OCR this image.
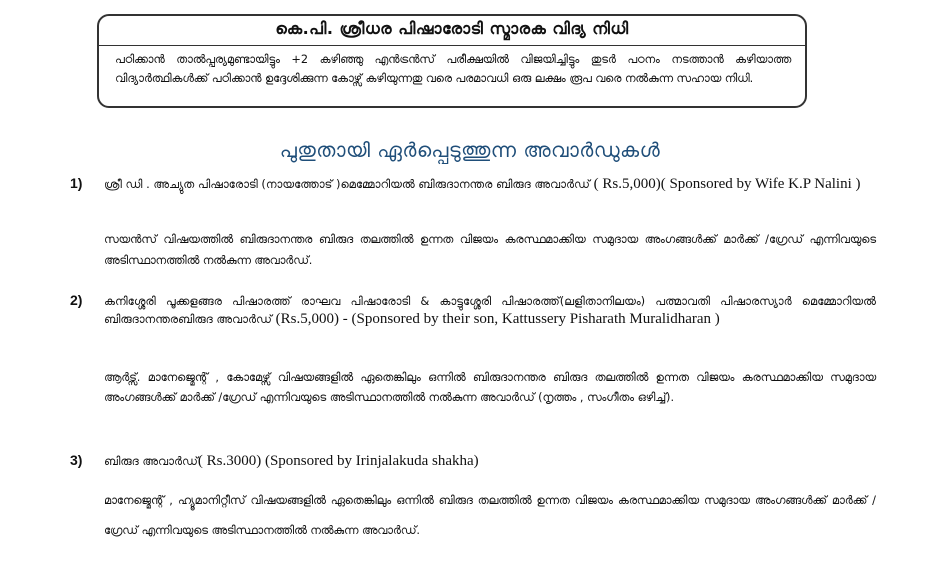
കെ.പി. ശ്രീധര പിഷാരോടി സ്മാരക വിദ്യ നിധി
പഠിക്കാൻ താൽപ്പര്യമുണ്ടായിട്ടും +2 കഴിഞ്ഞു എൻട്രൻസ് പരീക്ഷയിൽ വിജയിച്ചിട്ടും തുടർ പഠനം നടത്താൻ കഴിയാത്ത വിദ്യാർത്ഥികൾക്ക് പഠിക്കാൻ ഉദ്ദേശിക്കുന്ന കോഴ്സ് കഴിയുന്നതു വരെ പരമാവധി ഒരു ലക്ഷം രൂപ വരെ നൽകുന്ന സഹായ നിധി.
പുതുതായി ഏർപ്പെടുത്തുന്ന അവാർഡുകൾ
1)	ശ്രീ ഡി . അച്യുത പിഷാരോടി (നായത്തോട് )മെമ്മോറിയൽ ബിരുദാനന്തര ബിരുദ അവാർഡ് ( Rs.5,000)( Sponsored by Wife K.P Nalini )
സയൻസ് വിഷയത്തിൽ ബിരുദാനന്തര ബിരുദ തലത്തിൽ ഉന്നത വിജയം കരസ്ഥമാക്കിയ സമുദായ അംഗങ്ങൾക്ക് മാർക്ക് /ഗ്രേഡ് എന്നിവയുടെ അടിസ്ഥാനത്തിൽ നൽകുന്ന അവാർഡ്.
2)	കനിശ്ശേരി പൂക്കളങ്ങര പിഷാരത്ത് രാഘവ പിഷാരോടി & കാട്ടുശ്ശേരി പിഷാരത്ത്(ലളിതാനിലയം) പത്മാവതി പിഷാരസ്യാർ മെമ്മോറിയൽ ബിരുദാനന്തരബിരുദ അവാർഡ് (Rs.5,000) - (Sponsored by their son, Kattussery Pisharath Muralidharan )
ആർട്സ്. മാനേജ്മെന്റ് , കോമേഴ്സ് വിഷയങ്ങളിൽ ഏതെങ്കിലും ഒന്നിൽ ബിരുദാനന്തര ബിരുദ തലത്തിൽ ഉന്നത വിജയം കരസ്ഥമാക്കിയ സമുദായ അംഗങ്ങൾക്ക് മാർക്ക് /ഗ്രേഡ് എന്നിവയുടെ അടിസ്ഥാനത്തിൽ നൽകുന്ന അവാർഡ് (നൃത്തം , സംഗീതം ഒഴിച്ച്).
3)	ബിരുദ അവാർഡ്( Rs.3000) (Sponsored by Irinjalakuda shakha)
മാനേജ്മെന്റ് , ഹ്യൂമാനിറ്റീസ് വിഷയങ്ങളിൽ ഏതെങ്കിലും ഒന്നിൽ ബിരുദ തലത്തിൽ ഉന്നത വിജയം കരസ്ഥമാക്കിയ സമുദായ അംഗങ്ങൾക്ക് മാർക്ക് /ഗ്രേഡ് എന്നിവയുടെ അടിസ്ഥാനത്തിൽ നൽകുന്ന അവാർഡ്.
